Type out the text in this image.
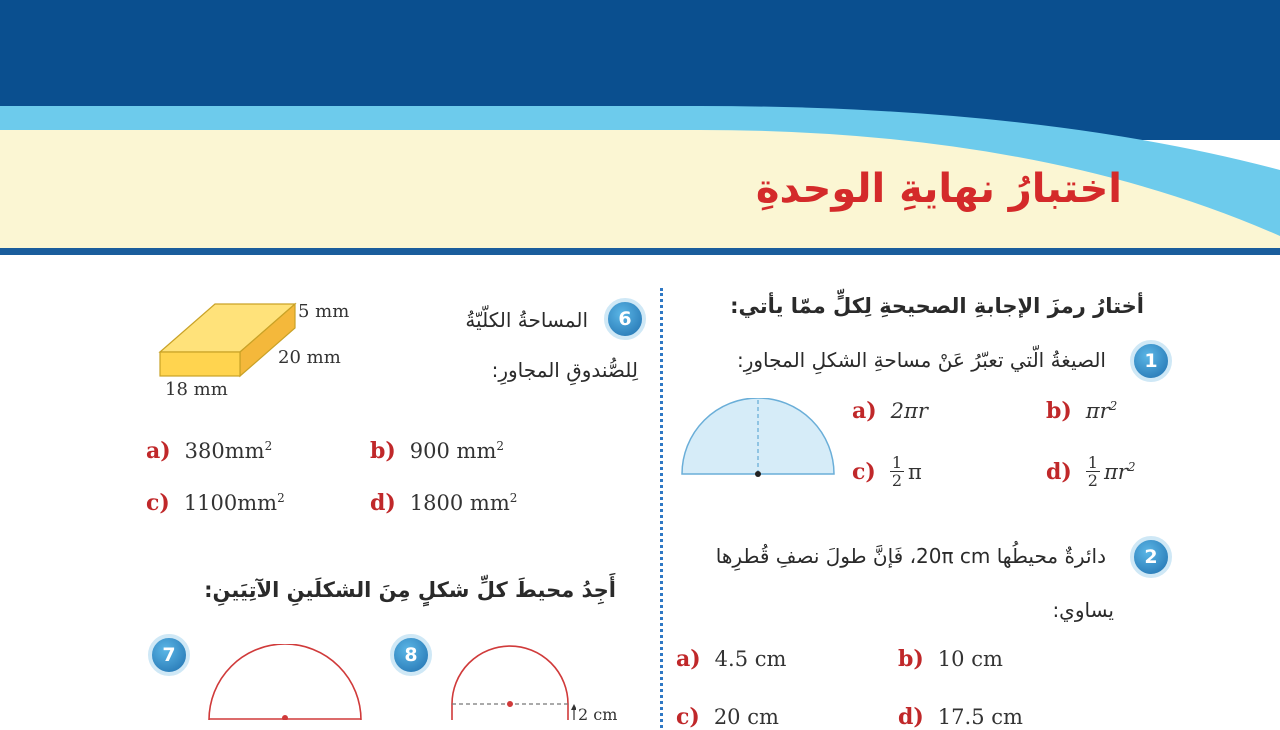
اختبارُ نهايةِ الوحدةِ
أختارُ رمزَ الإجابةِ الصحيحةِ لِكلٍّ ممّا يأتي:
1
الصيغةُ الّتي تعبّرُ عَنْ مساحةِ الشكلِ المجاورِ:
a) 2πr	b) $\pi r^2$
$c) \frac{1}{2}$ π	$d) \frac{1}{2} \pi r^2$
2
دائرةٌ محيطُها 20π cm، فَإنَّ طولَ نصفِ قُطرِها
يساوي:
a) 4.5 cm	b) 10 cm
c) 20 cm	d) 17.5 cm
6
المساحةُ الكلّيّةُ
لِلصُّندوقِ المجاورِ:
5 mm
20 mm
18 mm
a) $380mm^2$	b) 900 $mm^2$
c) $1100mm^2$	d) 1800 $mm^2$
أَجِدُ محيطَ كلِّ شكلٍ مِنَ الشكلَينِ الآتِيَينِ:
7	8
2 cm
